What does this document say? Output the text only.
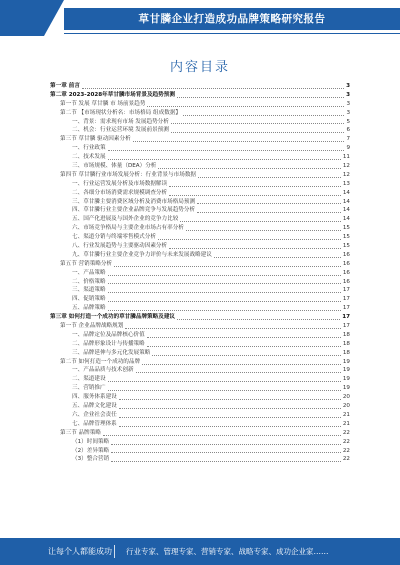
草甘膦企业打造成功品牌策略研究报告
内容目录
第一章 前言	3
第二章 2023-2028年草甘膦市场背景及趋势预测	3
第一节 发展 草甘膦 市 场前景趋势	3
第二节 【市场现状分析名：市场格局 组成数据】	3
一、背景：需求现有市场 发展趋势分析	5
二、机会：行业运营环境 发展前景预测	6
第三节 草甘膦 驱动因素分析	7
一、行业政策	9
二、技术发展	11
三、市场规模、体量（DEA）分析	12
第四节 草甘膦行业市场发展分析：行业背景与市场数据	12
一、行业运营发展分析及市场数据解读	13
二、各细分市场消费需求规模调查分析	14
三、草甘膦主要消费区域分析及消费市场格局预测	14
四、草甘膦行业主要企业品牌竞争与发展趋势分析	14
五、国产化进展及与国外企业的竞争力比较	14
六、市场竞争格局与主要企业市场占有率分析	15
七、渠道分销与终端零售模式分析	15
八、行业发展趋势与主要驱动因素分析	15
九、草甘膦行业主要企业竞争力评价与未来发展战略建议	16
第五节 营销策略分析	16
一、产品策略	16
二、价格策略	16
三、渠道策略	17
四、促销策略	17
五、品牌策略	17
第三章 如何打造一个成功的草甘膦品牌策略及建议	17
第一节 企业品牌战略规划	17
一、品牌定位及品牌核心价值	18
二、品牌形象设计与传播策略	18
三、品牌延伸与多元化发展策略	18
第二节 如何打造一个成功的品牌	19
一、产品品质与技术创新	19
二、渠道建设	19
三、营销推广	19
四、服务体系建设	20
五、品牌文化建设	20
六、企业社会责任	21
七、品牌管理体系	21
第三节 品牌策略	22
（1）时间策略	22
（2）差异策略	22
（3）整合营销	22
让每个人都能成功 行业专家、管理专家、营销专家、战略专家、成功企业家……
